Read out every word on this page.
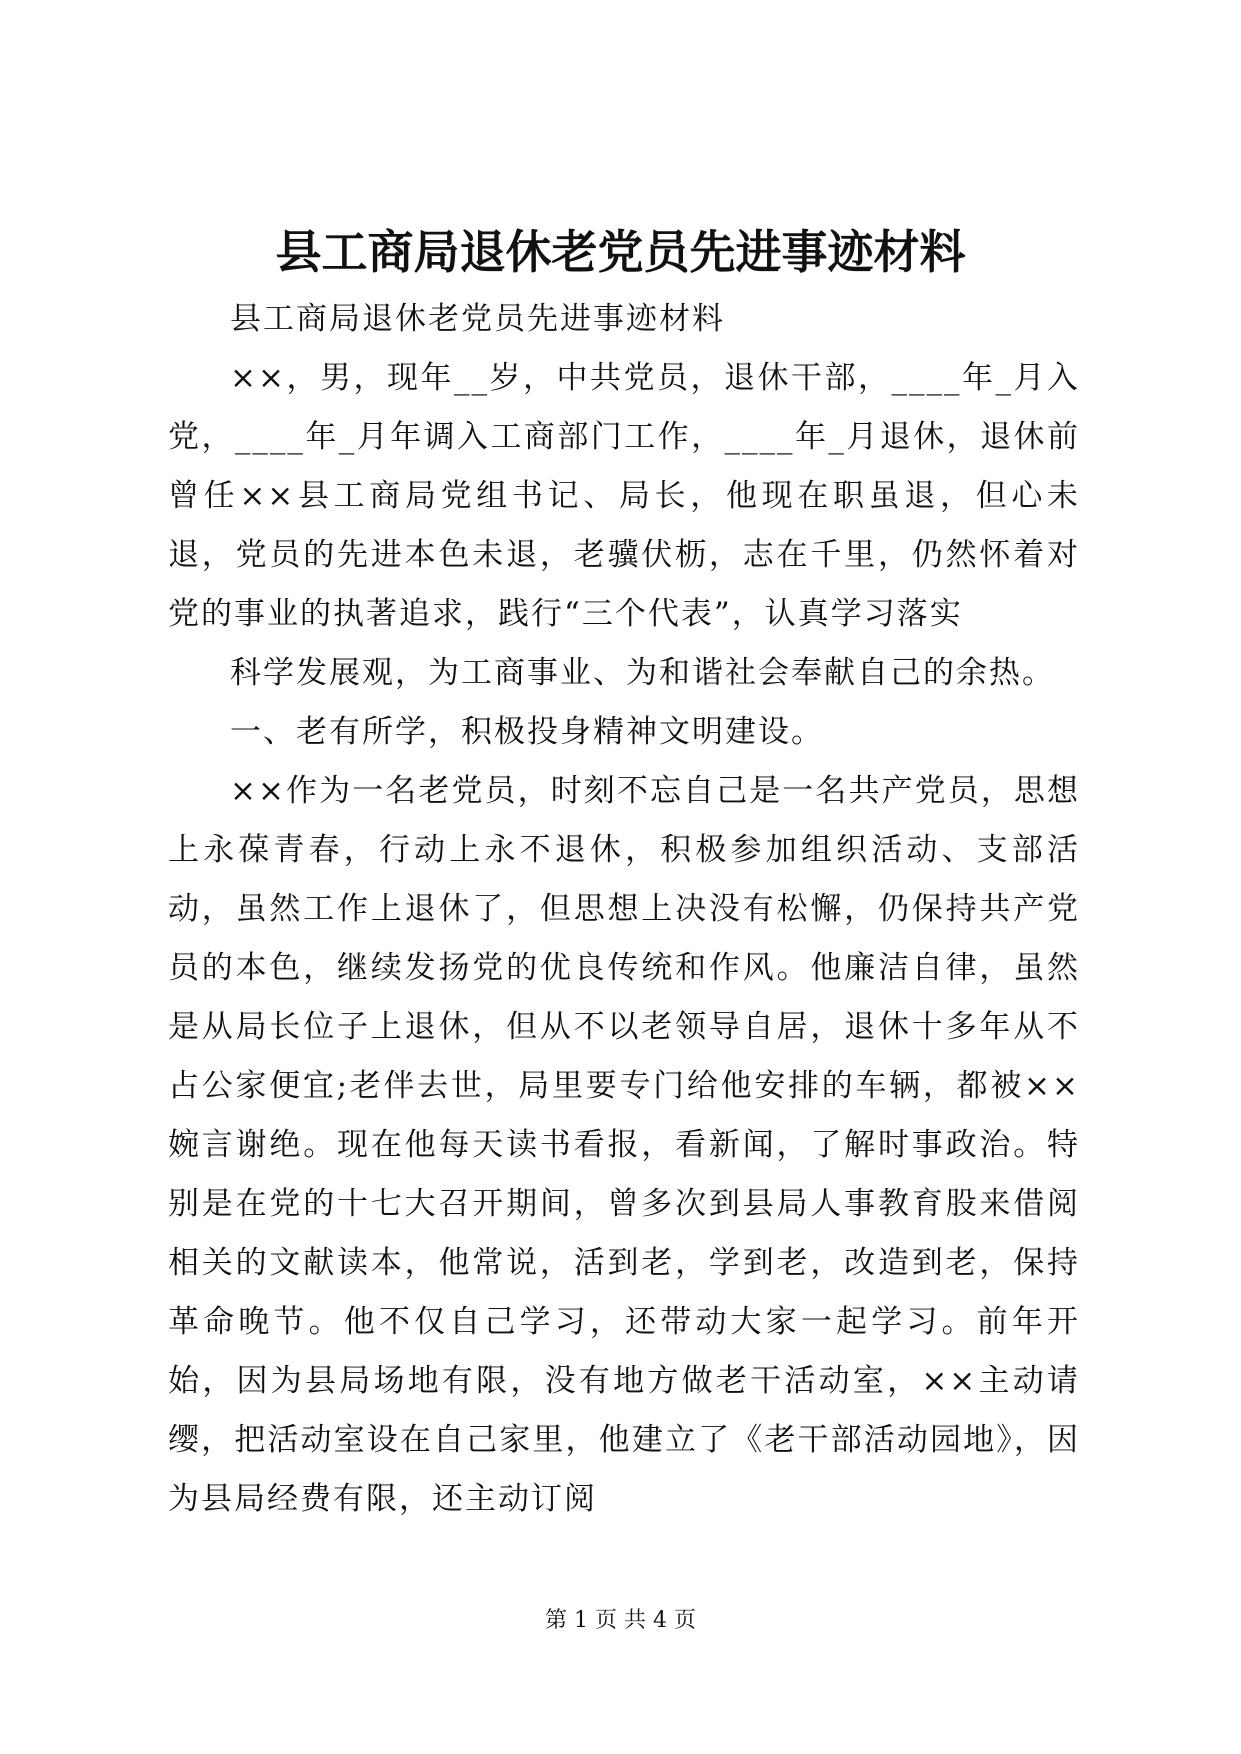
县工商局退休老党员先进事迹材料

县工商局退休老党员先进事迹材料

××，男，现年__岁，中共党员，退休干部，____年_月入党，____年_月年调入工商部门工作，____年_月退休，退休前曾任××县工商局党组书记、局长，他现在职虽退，但心未退，党员的先进本色未退，老骥伏枥，志在千里，仍然怀着对党的事业的执著追求，践行“三个代表”，认真学习落实

科学发展观，为工商事业、为和谐社会奉献自己的余热。

一、老有所学，积极投身精神文明建设。

××作为一名老党员，时刻不忘自己是一名共产党员，思想上永葆青春，行动上永不退休，积极参加组织活动、支部活动，虽然工作上退休了，但思想上决没有松懈，仍保持共产党员的本色，继续发扬党的优良传统和作风。他廉洁自律，虽然是从局长位子上退休，但从不以老领导自居，退休十多年从不占公家便宜;老伴去世，局里要专门给他安排的车辆，都被××婉言谢绝。现在他每天读书看报，看新闻，了解时事政治。特别是在党的十七大召开期间，曾多次到县局人事教育股来借阅相关的文献读本，他常说，活到老，学到老，改造到老，保持革命晚节。他不仅自己学习，还带动大家一起学习。前年开始，因为县局场地有限，没有地方做老干活动室，××主动请缨，把活动室设在自己家里，他建立了《老干部活动园地》，因为县局经费有限，还主动订阅

第 1 页 共 4 页
